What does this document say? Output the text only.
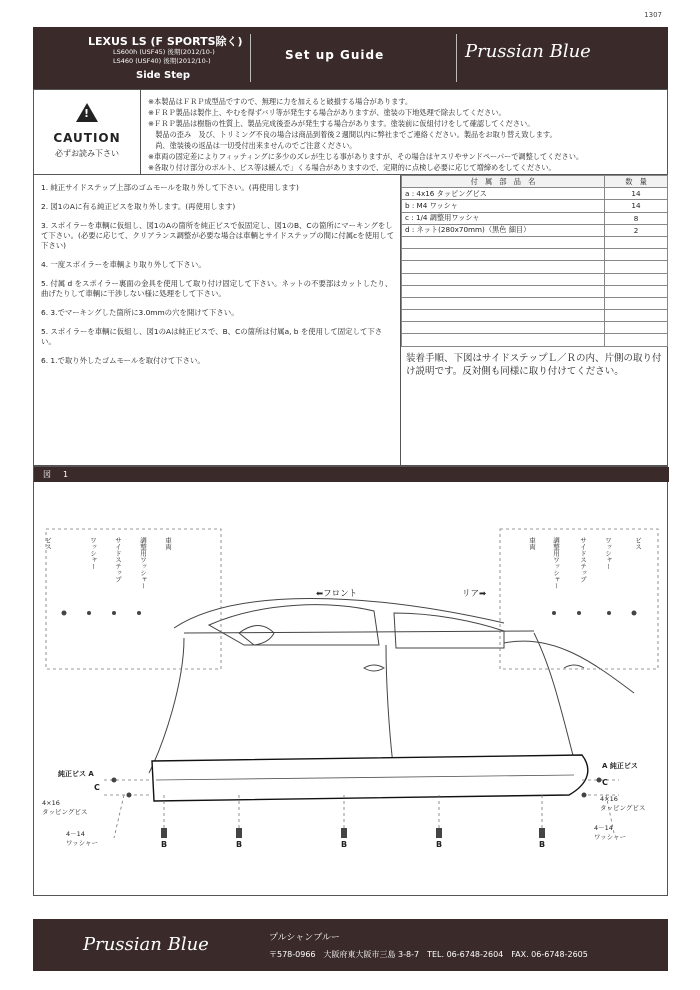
1307
LEXUS LS (F SPORTS除く)
LS600h (USF45) 後期(2012/10-)
LS460 (USF40) 後期(2012/10-)
Side Step
Set up Guide	Prussian Blue
!
CAUTION
必ずお読み下さい
※本製品はＦＲＰ成型品ですので、無理に力を加えると破損する場合があります。
※ＦＲＰ製品は製作上、やむを得ずバリ等が発生する場合がありますが、塗装の下地処理で除去してください。
※ＦＲＰ製品は樹脂の性質上、製品完成後歪みが発生する場合があります。塗装前に仮組付けをして確認してください。
　製品の歪み　及び、トリミング不良の場合は商品到着後２週間以内に弊社までご連絡ください。製品をお取り替え致します。
　尚、塗装後の返品は一切受付出来ませんのでご注意ください。
※車両の固定差によりフィッティングに多少のズレが生じる事がありますが、その場合はヤスリやサンドペーパーで調整してください。
※各取り付け部分のボルト、ビス等は緩んで」くる場合がありますので、定期的に点検し必要に応じて増締めをしてください。
1. 純正サイドステップ上部のゴムモールを取り外して下さい。(再使用します)
2. 図1のAに有る純正ビスを取り外します。(再使用します)
3. スポイラーを車輌に仮組し、図1のAの箇所を純正ビスで仮固定し、図1のB、Cの箇所にマーキングをして下さい。(必要に応じて、クリアランス調整が必要な場合は車輌とサイドステップの間に付属cを使用して下さい)
4. 一度スポイラーを車輌より取り外して下さい。
5. 付属 d をスポイラー裏面の金具を使用して取り付け固定して下さい。ネットの不要部はカットしたり、曲げたりして車輌に干渉しない様に処理をして下さい。
6. 3.でマーキングした箇所に3.0mmの穴を開けて下さい。
5. スポイラーを車輌に仮組し、図1のAは純正ビスで、B、Cの箇所は付属a, b を使用して固定して下さい。
6. 1.で取り外したゴムモールを取付けて下さい。
付　属　部　品　名	数　量
a : 4x16 タッピングビス	14
b : M4 ワッシャ	14
c : 1/4 調整用ワッシャ	8
d : ネット(280x70mm)（黒色 細目）	2

装着手順、下図はサイドステップＬ／Ｒの内、片側の取り付け説明です。反対側も同様に取り付けてください。
図　1
ビス	ワッシャー	サイドステップ	調整用ワッシャー	車両	車両 調整用ワッシャー	サイドステップ	ワッシャー	ビス
⬅フロント	リア➡
純正ビス A
C
4×16
タッピングビス
4－14
ワッシャー
A 純正ビス
C
4×16
タッピングビス
4－14
ワッシャー
B	B	B	B	B
Prussian Blue	プルシャンブルー
〒578-0966　大阪府東大阪市三島 3-8-7　TEL. 06-6748-2604　FAX. 06-6748-2605
